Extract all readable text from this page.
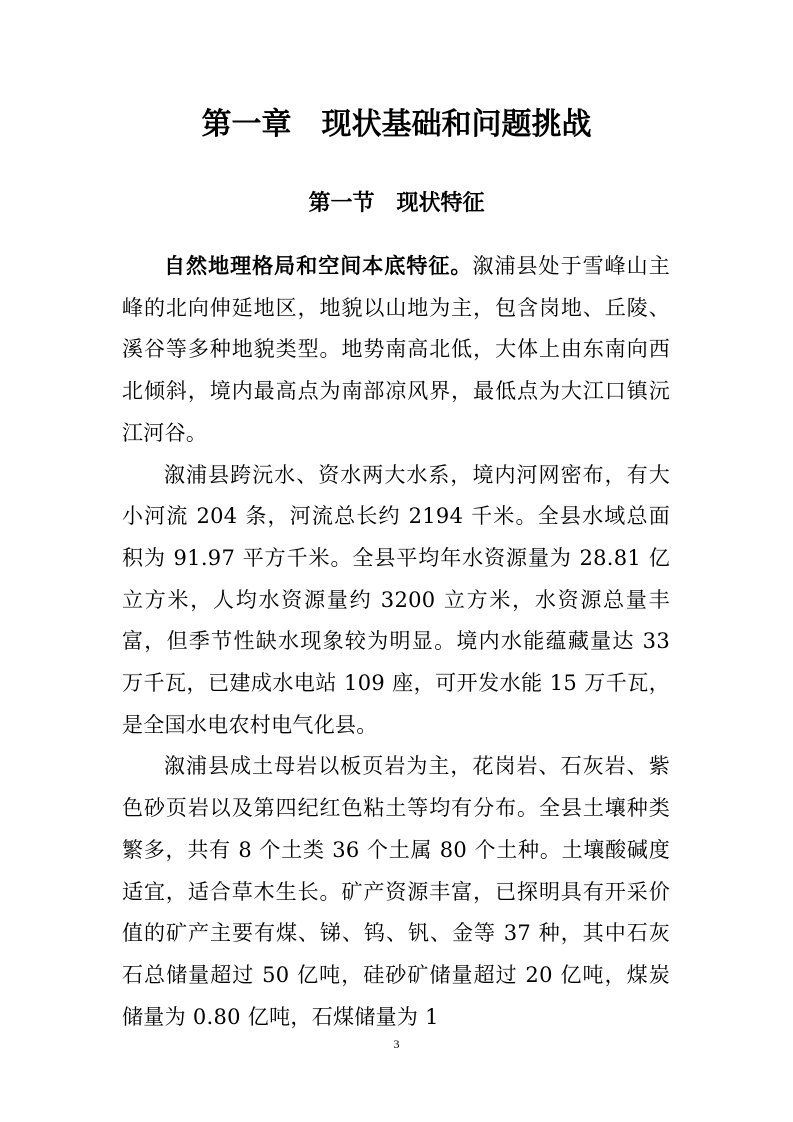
第一章　现状基础和问题挑战
第一节　现状特征

自然地理格局和空间本底特征。溆浦县处于雪峰山主峰的北向伸延地区，地貌以山地为主，包含岗地、丘陵、溪谷等多种地貌类型。地势南高北低，大体上由东南向西北倾斜，境内最高点为南部凉风界，最低点为大江口镇沅江河谷。

溆浦县跨沅水、资水两大水系，境内河网密布，有大小河流 204 条，河流总长约 2194 千米。全县水域总面积为 91.97 平方千米。全县平均年水资源量为 28.81 亿立方米，人均水资源量约 3200 立方米，水资源总量丰富，但季节性缺水现象较为明显。境内水能蕴藏量达 33 万千瓦，已建成水电站 109 座，可开发水能 15 万千瓦，是全国水电农村电气化县。

溆浦县成土母岩以板页岩为主，花岗岩、石灰岩、紫色砂页岩以及第四纪红色粘土等均有分布。全县土壤种类繁多，共有 8 个土类 36 个土属 80 个土种。土壤酸碱度适宜，适合草木生长。矿产资源丰富，已探明具有开采价值的矿产主要有煤、锑、钨、钒、金等 37 种，其中石灰石总储量超过 50 亿吨，硅砂矿储量超过 20 亿吨，煤炭储量为 0.80 亿吨，石煤储量为 1

3
